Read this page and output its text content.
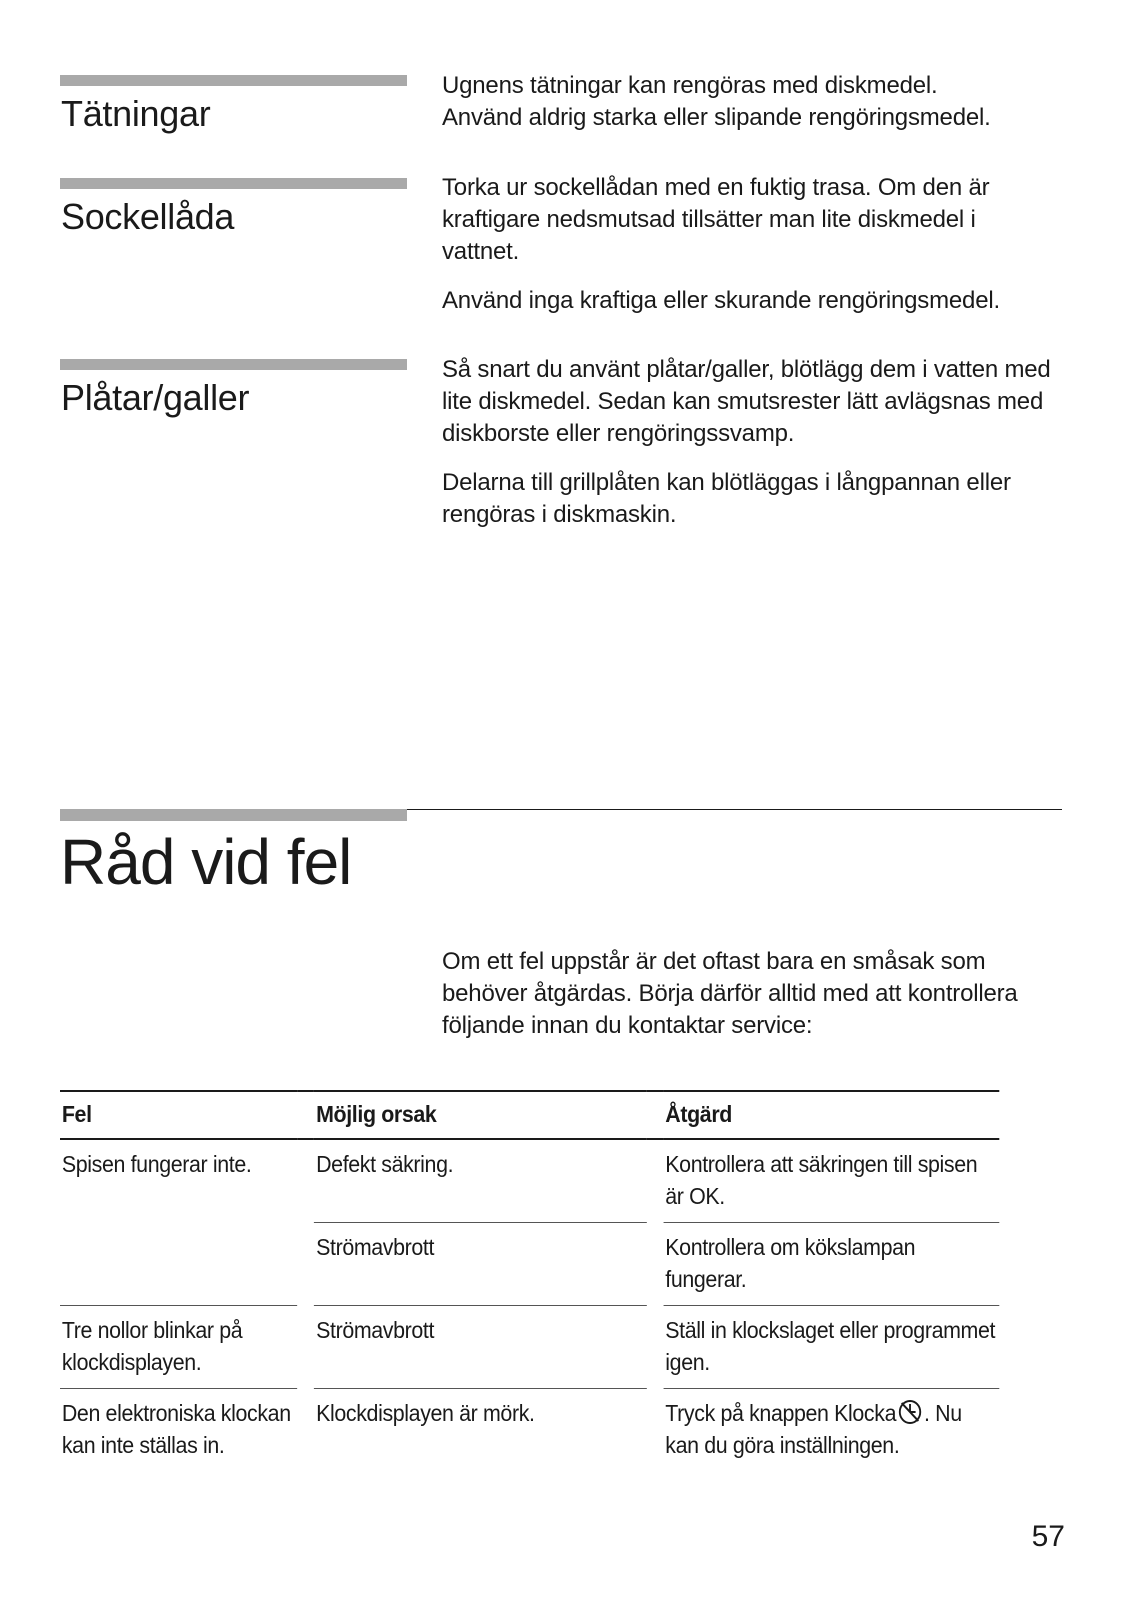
Tätningar

Ugnens tätningar kan rengöras med diskmedel.
Använd aldrig starka eller slipande rengöringsmedel.

Sockellåda

Torka ur sockellådan med en fuktig trasa. Om den är kraftigare nedsmutsad tillsätter man lite diskmedel i vattnet.

Använd inga kraftiga eller skurande rengöringsmedel.

Plåtar/galler

Så snart du använt plåtar/galler, blötlägg dem i vatten med lite diskmedel. Sedan kan smutsrester lätt avlägsnas med diskborste eller rengöringssvamp.

Delarna till grillplåten kan blötläggas i långpannan eller rengöras i diskmaskin.

Råd vid fel

Om ett fel uppstår är det oftast bara en småsak som behöver åtgärdas. Börja därför alltid med att kontrollera följande innan du kontaktar service:

Fel		Möjlig orsak		Åtgärd
Spisen fungerar inte.		Defekt säkring.		Kontrollera att säkringen till spisen är OK.
		Strömavbrott		Kontrollera om kökslampan fungerar.
Tre nollor blinkar på klockdisplayen.		Strömavbrott		Ställ in klockslaget eller programmet igen.
Den elektroniska klockan kan inte ställas in.		Klockdisplayen är mörk.		Tryck på knappen Klocka . Nu kan du göra inställningen.

57
